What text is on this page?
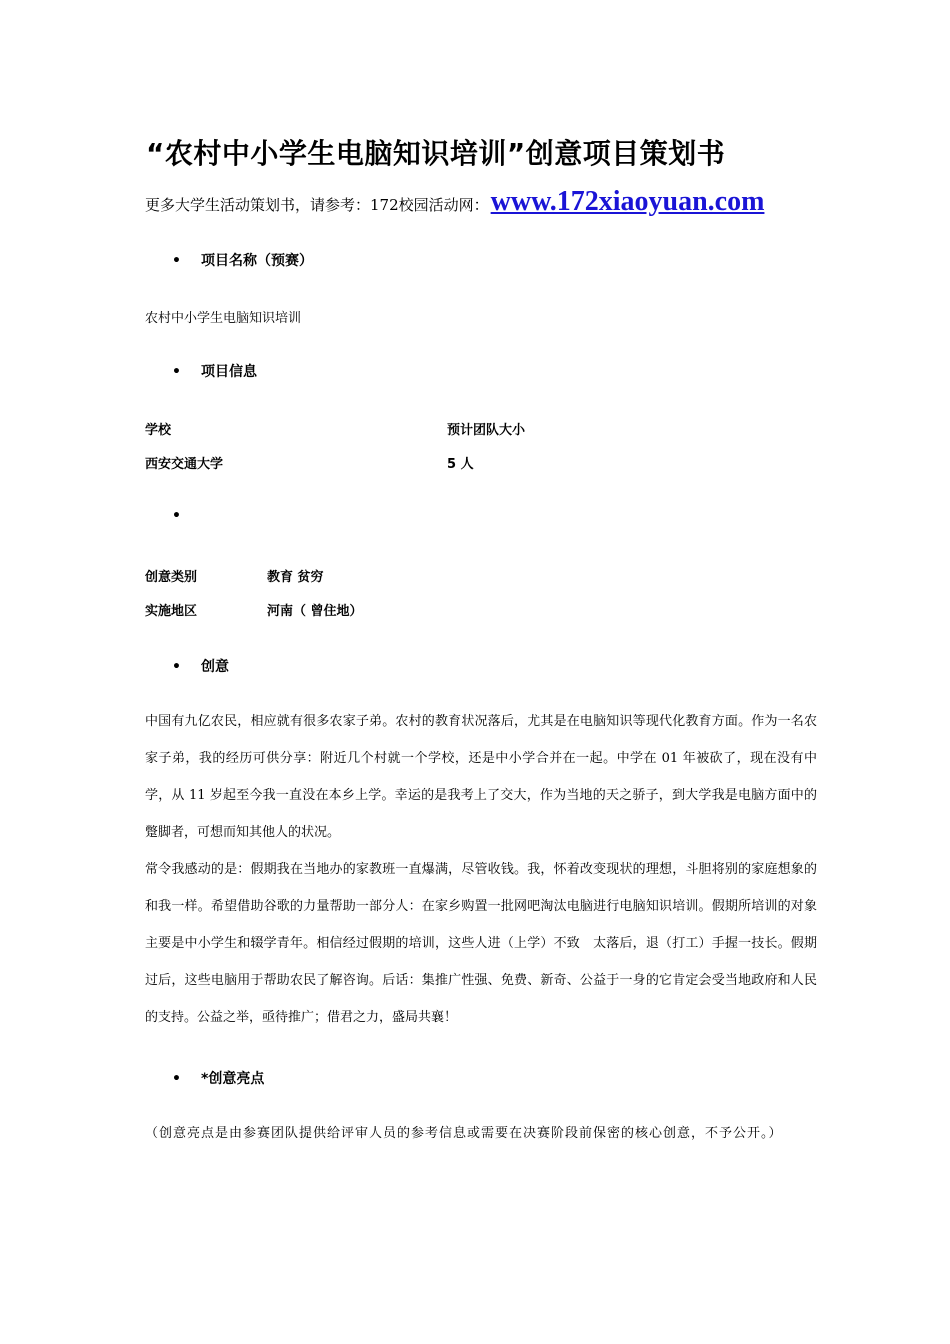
“农村中小学生电脑知识培训”创意项目策划书
更多大学生活动策划书，请参考：172校园活动网： www.172xiaoyuan.com
• 项目名称（预赛）
农村中小学生电脑知识培训
• 项目信息
学校	预计团队大小
西安交通大学	5 人
•
创意类别	教育 贫穷
实施地区	河南（ 曾住地）
• 创意

中国有九亿农民，相应就有很多农家子弟。农村的教育状况落后，尤其是在电脑知识等现代化教育方面。作为一名农家子弟，我的经历可供分享：附近几个村就一个学校，还是中小学合并在一起。中学在 01 年被砍了，现在没有中学，从 11 岁起至今我一直没在本乡上学。幸运的是我考上了交大，作为当地的天之骄子，到大学我是电脑方面中的蹩脚者，可想而知其他人的状况。

常令我感动的是：假期我在当地办的家教班一直爆满，尽管收钱。我，怀着改变现状的理想，斗胆将别的家庭想象的和我一样。希望借助谷歌的力量帮助一部分人：在家乡购置一批网吧淘汰电脑进行电脑知识培训。假期所培训的对象主要是中小学生和辍学青年。相信经过假期的培训，这些人进（上学）不致　太落后，退（打工）手握一技长。假期过后，这些电脑用于帮助农民了解咨询。后话：集推广性强、免费、新奇、公益于一身的它肯定会受当地政府和人民的支持。公益之举，亟待推广；借君之力，盛局共襄！

• *创意亮点
（创意亮点是由参赛团队提供给评审人员的参考信息或需要在决赛阶段前保密的核心创意，不予公开。）
